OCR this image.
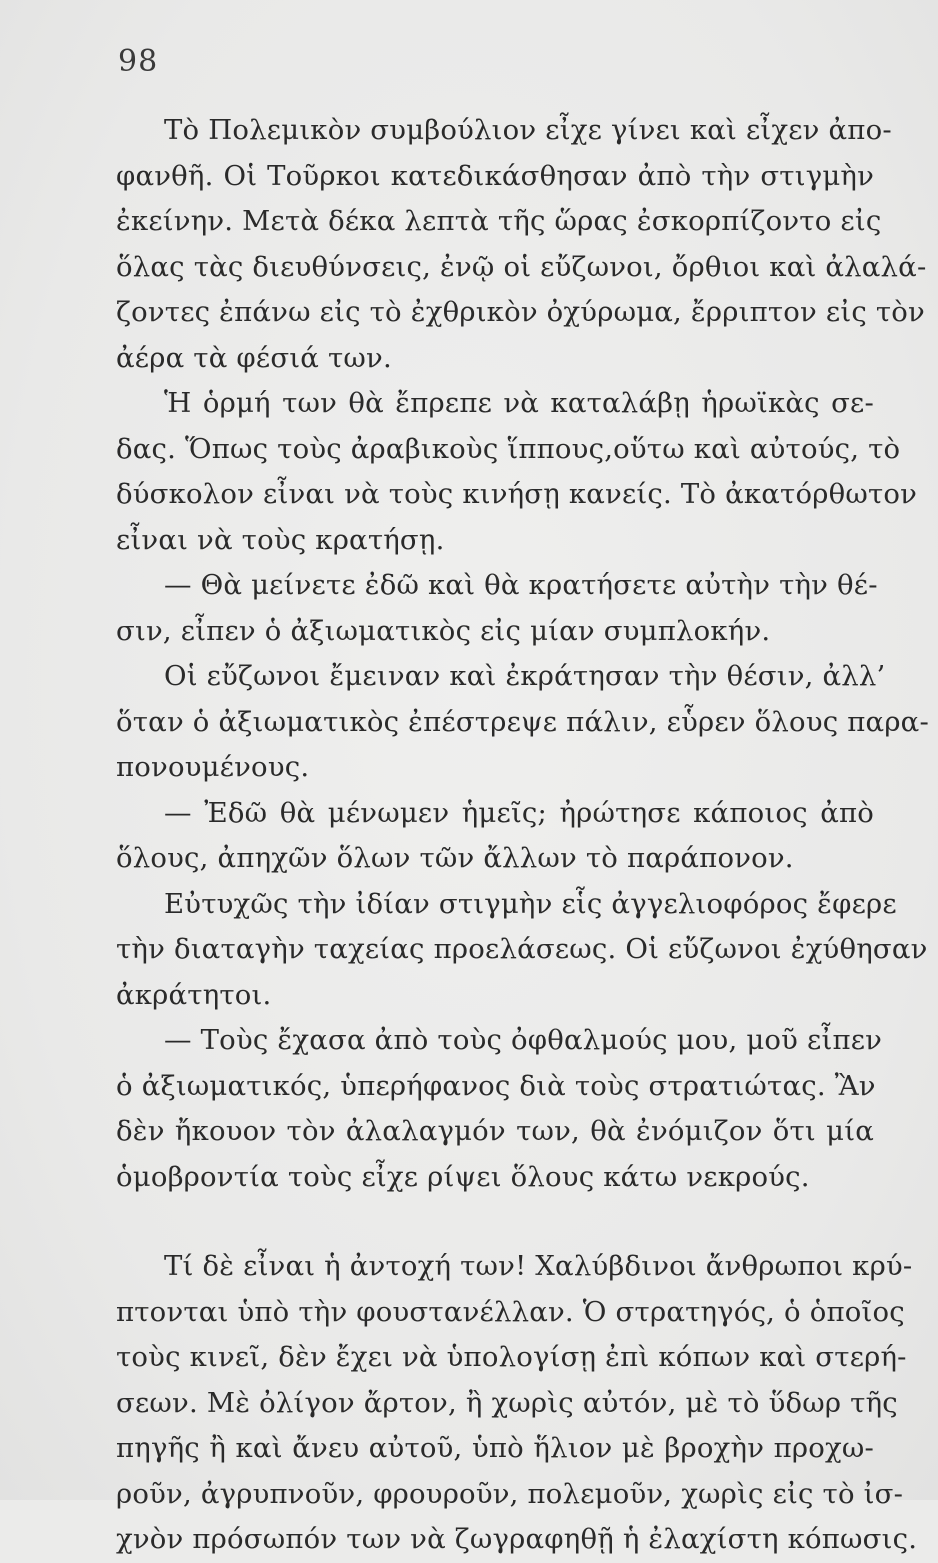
98
Τὸ Πολεμικὸν συμβούλιον εἶχε γίνει καὶ εἶχεν ἀπο-
φανθῆ. Οἱ Τοῦρκοι κατεδικάσθησαν ἀπὸ τὴν στιγμὴν
ἐκείνην. Μετὰ δέκα λεπτὰ τῆς ὥρας ἐσκορπίζοντο εἰς
ὅλας τὰς διευθύνσεις, ἐνῷ οἱ εὔζωνοι, ὄρθιοι καὶ ἀλαλά-
ζοντες ἐπάνω εἰς τὸ ἐχθρικὸν ὀχύρωμα, ἔρριπτον εἰς τὸν
ἀέρα τὰ φέσιά των.
Ἡ ὁρμή των θὰ ἔπρεπε νὰ καταλάβῃ ἡρωϊκὰς σε-
δας. Ὅπως τοὺς ἀραβικοὺς ἵππους,οὕτω καὶ αὐτούς, τὸ
δύσκολον εἶναι νὰ τοὺς κινήσῃ κανείς. Τὸ ἀκατόρθωτον
εἶναι νὰ τοὺς κρατήσῃ.
— Θὰ μείνετε ἐδῶ καὶ θὰ κρατήσετε αὐτὴν τὴν θέ-
σιν, εἶπεν ὁ ἀξιωματικὸς εἰς μίαν συμπλοκήν.
Οἱ εὔζωνοι ἔμειναν καὶ ἐκράτησαν τὴν θέσιν, ἀλλ’
ὅταν ὁ ἀξιωματικὸς ἐπέστρεψε πάλιν, εὗρεν ὅλους παρα-
πονουμένους.
— Ἐδῶ θὰ μένωμεν ἡμεῖς; ἠρώτησε κάποιος ἀπὸ
ὅλους, ἀπηχῶν ὅλων τῶν ἄλλων τὸ παράπονον.
Εὐτυχῶς τὴν ἰδίαν στιγμὴν εἷς ἀγγελιοφόρος ἔφερε
τὴν διαταγὴν ταχείας προελάσεως. Οἱ εὔζωνοι ἐχύθησαν
ἀκράτητοι.
— Τοὺς ἔχασα ἀπὸ τοὺς ὀφθαλμούς μου, μοῦ εἶπεν
ὁ ἀξιωματικός, ὑπερήφανος διὰ τοὺς στρατιώτας. Ἂν
δὲν ἤκουον τὸν ἀλαλαγμόν των, θὰ ἐνόμιζον ὅτι μία
ὁμοβροντία τοὺς εἶχε ρίψει ὅλους κάτω νεκρούς.
Τί δὲ εἶναι ἡ ἀντοχή των! Χαλύβδινοι ἄνθρωποι κρύ-
πτονται ὑπὸ τὴν φουστανέλλαν. Ὁ στρατηγός, ὁ ὁποῖος
τοὺς κινεῖ, δὲν ἔχει νὰ ὑπολογίσῃ ἐπὶ κόπων καὶ στερή-
σεων. Μὲ ὀλίγον ἄρτον, ἢ χωρὶς αὐτόν, μὲ τὸ ὕδωρ τῆς
πηγῆς ἢ καὶ ἄνευ αὐτοῦ, ὑπὸ ἥλιον μὲ βροχὴν προχω-
ροῦν, ἀγρυπνοῦν, φρουροῦν, πολεμοῦν, χωρὶς εἰς τὸ ἰσ-
χνὸν πρόσωπόν των νὰ ζωγραφηθῇ ἡ ἐλαχίστη κόπωσις.
